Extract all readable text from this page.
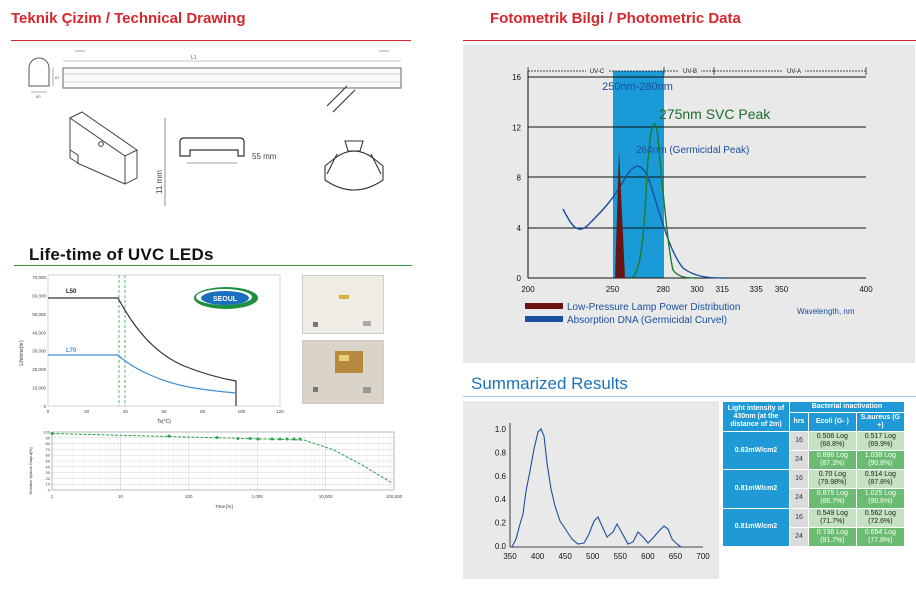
Teknik Çizim / Technical Drawing
67
60
L1
55 mm
11 mm
Life-time of UVC LEDs
Lifetime(hr)
70,000
60,000
50,000
40,000
30,000
20,000
10,000
0
0	20	40	60	80	100	120
L50
L70
SEOUL
Ts(°C)
Relative Optical Output[%]
100
90
80
70
60
50
40
30
20
10
0
1	10	100	1,000	10,000	100,000
Time [hr]
Fotometrik Bilgi / Photometric Data
16
12
8
4
0
200	250	280	300 315	335 350	400
UV-C	UV-B	UV-A
250nm-280nm
275nm SVC Peak
264nm (Germicidal Peak)
Low-Pressure Lamp Power Distribution
Absorption DNA (Germicidal Curvel)
Wavelength, nm
Summarized Results
1.0
0.8
0.6
0.4
0.2
0.0
350 400 450 500 550 600 650 700
Light intensity of 430nm (at the distance of 2m)	Bacterial inactivation		
	hrs	Ecoli (G- )	S.aureus (G +)
0.63mW/cm2	16	0.506 Log (68.8%)	0.517 Log (69.9%)
	24	0.896 Log (87.3%)	1.038 Log (90.8%)
0.81mW/cm2	16	0.70 Log (79.98%)	0.914 Log (87.8%)
	24	0.875 Log (86.7%)	1.025 Log (90.6%)
0.81mW/cm2	16	0.549 Log (71.7%)	0.562 Log (72.6%)
	24	0.736 Log (81.7%)	0.654 Log (77.8%)
